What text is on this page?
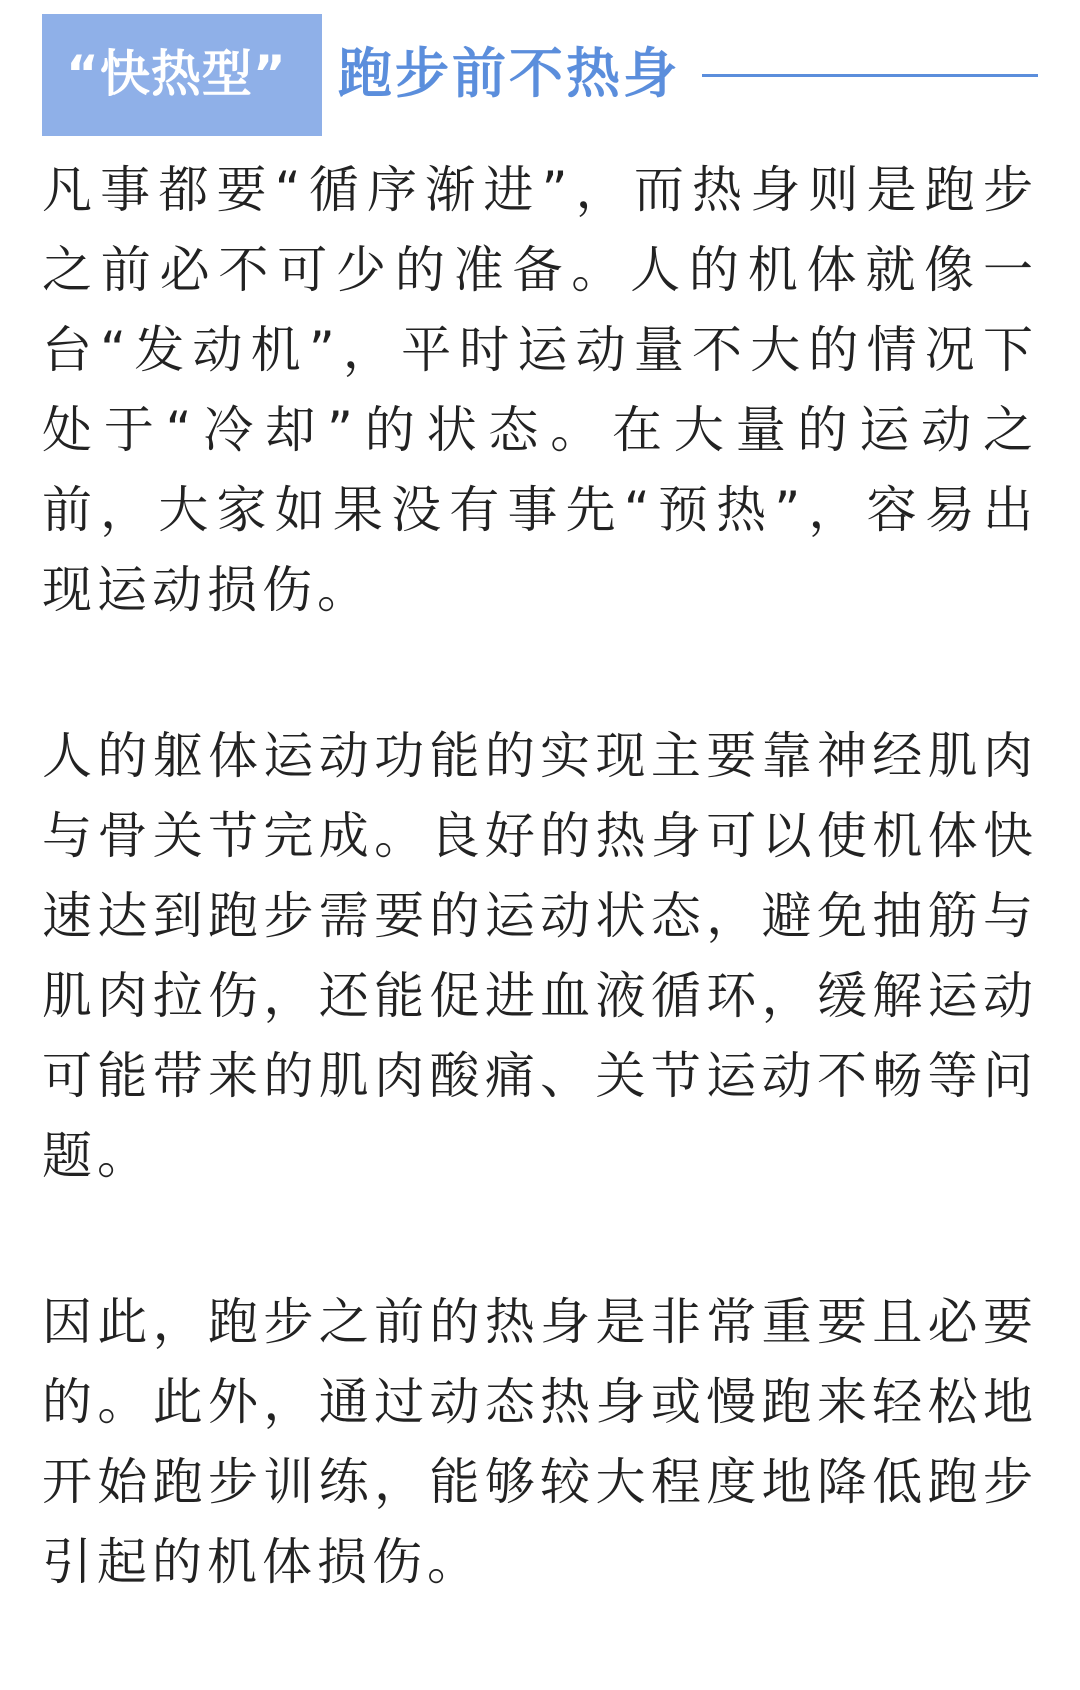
“快热型” 跑步前不热身

凡事都要“循序渐进”，而热身则是跑步之前必不可少的准备。人的机体就像一台“发动机”，平时运动量不大的情况下处于“冷却”的状态。在大量的运动之前，大家如果没有事先“预热”，容易出现运动损伤。

人的躯体运动功能的实现主要靠神经肌肉与骨关节完成。良好的热身可以使机体快速达到跑步需要的运动状态，避免抽筋与肌肉拉伤，还能促进血液循环，缓解运动可能带来的肌肉酸痛、关节运动不畅等问题。

因此，跑步之前的热身是非常重要且必要的。此外，通过动态热身或慢跑来轻松地开始跑步训练，能够较大程度地降低跑步引起的机体损伤。
